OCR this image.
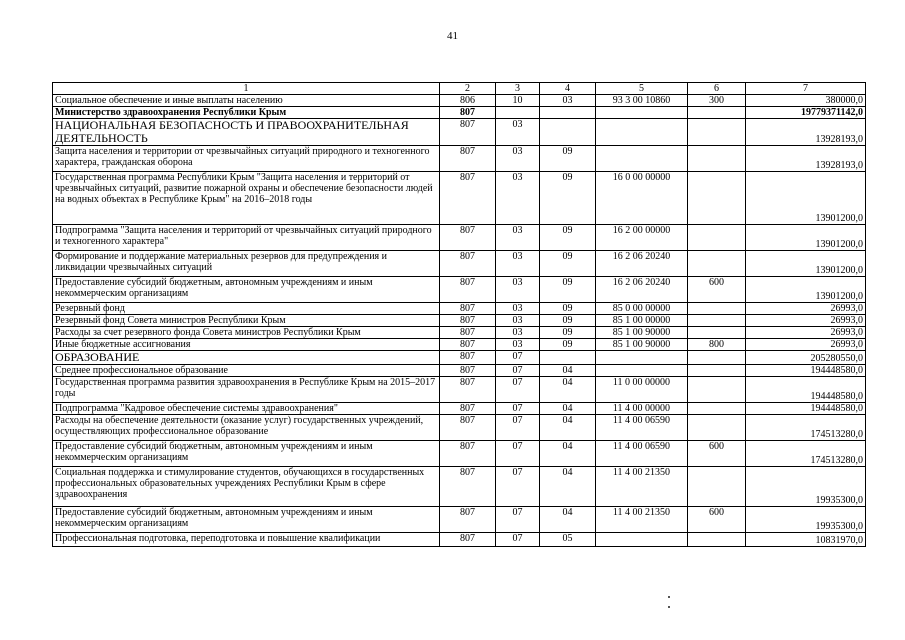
41
1	2	3	4	5	6	7
Социальное обеспечение и иные выплаты населению	806	10	03	93 3 00 10860	300	380000,0
Министерство здравоохранения Республики Крым	807					19779371142,0
НАЦИОНАЛЬНАЯ БЕЗОПАСНОСТЬ И ПРАВООХРАНИТЕЛЬНАЯ ДЕЯТЕЛЬНОСТЬ	807	03				13928193,0
Защита населения и территории от чрезвычайных ситуаций природного и техногенного характера, гражданская оборона	807	03	09			13928193,0
Государственная программа Республики Крым "Защита населения и территорий от чрезвычайных ситуаций, развитие пожарной охраны и обеспечение безопасности людей на водных объектах в Республике Крым" на 2016–2018 годы	807	03	09	16 0 00 00000		13901200,0
Подпрограмма "Защита населения и территорий от чрезвычайных ситуаций природного и техногенного характера"	807	03	09	16 2 00 00000		13901200,0
Формирование и поддержание материальных резервов для предупреждения и ликвидации чрезвычайных ситуаций	807	03	09	16 2 06 20240		13901200,0
Предоставление субсидий бюджетным, автономным учреждениям и иным некоммерческим организациям	807	03	09	16 2 06 20240	600	13901200,0
Резервный фонд	807	03	09	85 0 00 00000		26993,0
Резервный фонд Совета министров Республики Крым	807	03	09	85 1 00 00000		26993,0
Расходы за счет резервного фонда Совета министров Республики Крым	807	03	09	85 1 00 90000		26993,0
Иные бюджетные ассигнования	807	03	09	85 1 00 90000	800	26993,0
ОБРАЗОВАНИЕ	807	07				205280550,0
Среднее профессиональное образование	807	07	04			194448580,0
Государственная программа развития здравоохранения в Республике Крым на 2015–2017 годы	807	07	04	11 0 00 00000		194448580,0
Подпрограмма "Кадровое обеспечение системы здравоохранения"	807	07	04	11 4 00 00000		194448580,0
Расходы на обеспечение деятельности (оказание услуг) государственных учреждений, осуществляющих профессиональное образование	807	07	04	11 4 00 06590		174513280,0
Предоставление субсидий бюджетным, автономным учреждениям и иным некоммерческим организациям	807	07	04	11 4 00 06590	600	174513280,0
Социальная поддержка и стимулирование студентов, обучающихся в государственных профессиональных образовательных учреждениях Республики Крым в сфере здравоохранения	807	07	04	11 4 00 21350		19935300,0
Предоставление субсидий бюджетным, автономным учреждениям и иным некоммерческим организациям	807	07	04	11 4 00 21350	600	19935300,0
Профессиональная подготовка, переподготовка и повышение квалификации	807	07	05			10831970,0
